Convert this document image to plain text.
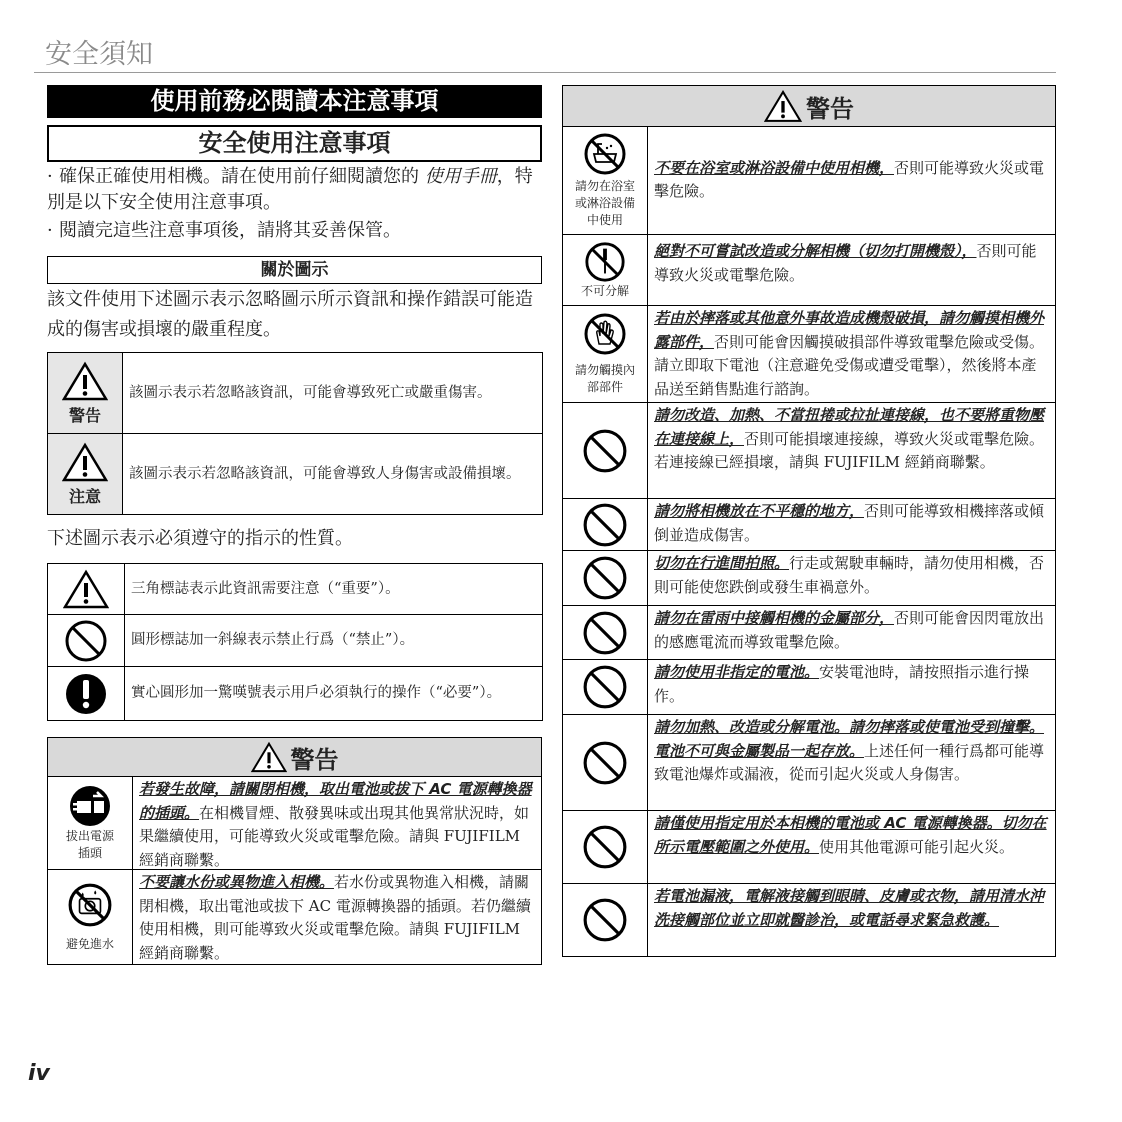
安全須知
使用前務必閱讀本注意事項
安全使用注意事項
· 確保正確使用相機。請在使用前仔細閱讀您的 使用手冊，特別是以下安全使用注意事項。
· 閱讀完這些注意事項後，請將其妥善保管。
關於圖示
該文件使用下述圖示表示忽略圖示所示資訊和操作錯誤可能造成的傷害或損壞的嚴重程度。
警告
該圖示表示若忽略該資訊，可能會導致死亡或嚴重傷害。
注意
該圖示表示若忽略該資訊，可能會導致人身傷害或設備損壞。
下述圖示表示必須遵守的指示的性質。
三角標誌表示此資訊需要注意（“重要”）。
圓形標誌加一斜線表示禁止行爲（“禁止”）。
實心圓形加一驚嘆號表示用戶必須執行的操作（“必要”）。
警告
拔出電源插頭
若發生故障，請關閉相機，取出電池或拔下 AC 電源轉換器的插頭。在相機冒煙、散發異味或出現其他異常狀況時，如果繼續使用，可能導致火災或電擊危險。請與 FUJIFILM 經銷商聯繫。
避免進水
不要讓水份或異物進入相機。若水份或異物進入相機，請關閉相機，取出電池或拔下 AC 電源轉換器的插頭。若仍繼續使用相機，則可能導致火災或電擊危險。請與 FUJIFILM 經銷商聯繫。
警告
請勿在浴室或淋浴設備中使用
不要在浴室或淋浴設備中使用相機，否則可能導致火災或電擊危險。
不可分解
絕對不可嘗試改造或分解相機（切勿打開機殼），否則可能導致火災或電擊危險。
請勿觸摸內部部件
若由於摔落或其他意外事故造成機殼破損，請勿觸摸相機外露部件，否則可能會因觸摸破損部件導致電擊危險或受傷。請立即取下電池（注意避免受傷或遭受電擊），然後將本產品送至銷售點進行諮詢。
請勿改造、加熱、不當扭捲或拉扯連接線，也不要將重物壓在連接線上，否則可能損壞連接線，導致火災或電擊危險。若連接線已經損壞，請與 FUJIFILM 經銷商聯繫。
請勿將相機放在不平穩的地方，否則可能導致相機摔落或傾倒並造成傷害。
切勿在行進間拍照。行走或駕駛車輛時，請勿使用相機，否則可能使您跌倒或發生車禍意外。
請勿在雷雨中接觸相機的金屬部分，否則可能會因閃電放出的感應電流而導致電擊危險。
請勿使用非指定的電池。安裝電池時，請按照指示進行操作。
請勿加熱、改造或分解電池。請勿摔落或使電池受到撞擊。電池不可與金屬製品一起存放。上述任何一種行爲都可能導致電池爆炸或漏液，從而引起火災或人身傷害。
請僅使用指定用於本相機的電池或 AC 電源轉換器。切勿在所示電壓範圍之外使用。使用其他電源可能引起火災。
若電池漏液，電解液接觸到眼睛、皮膚或衣物，請用清水沖洗接觸部位並立即就醫診治，或電話尋求緊急救護。
iv
